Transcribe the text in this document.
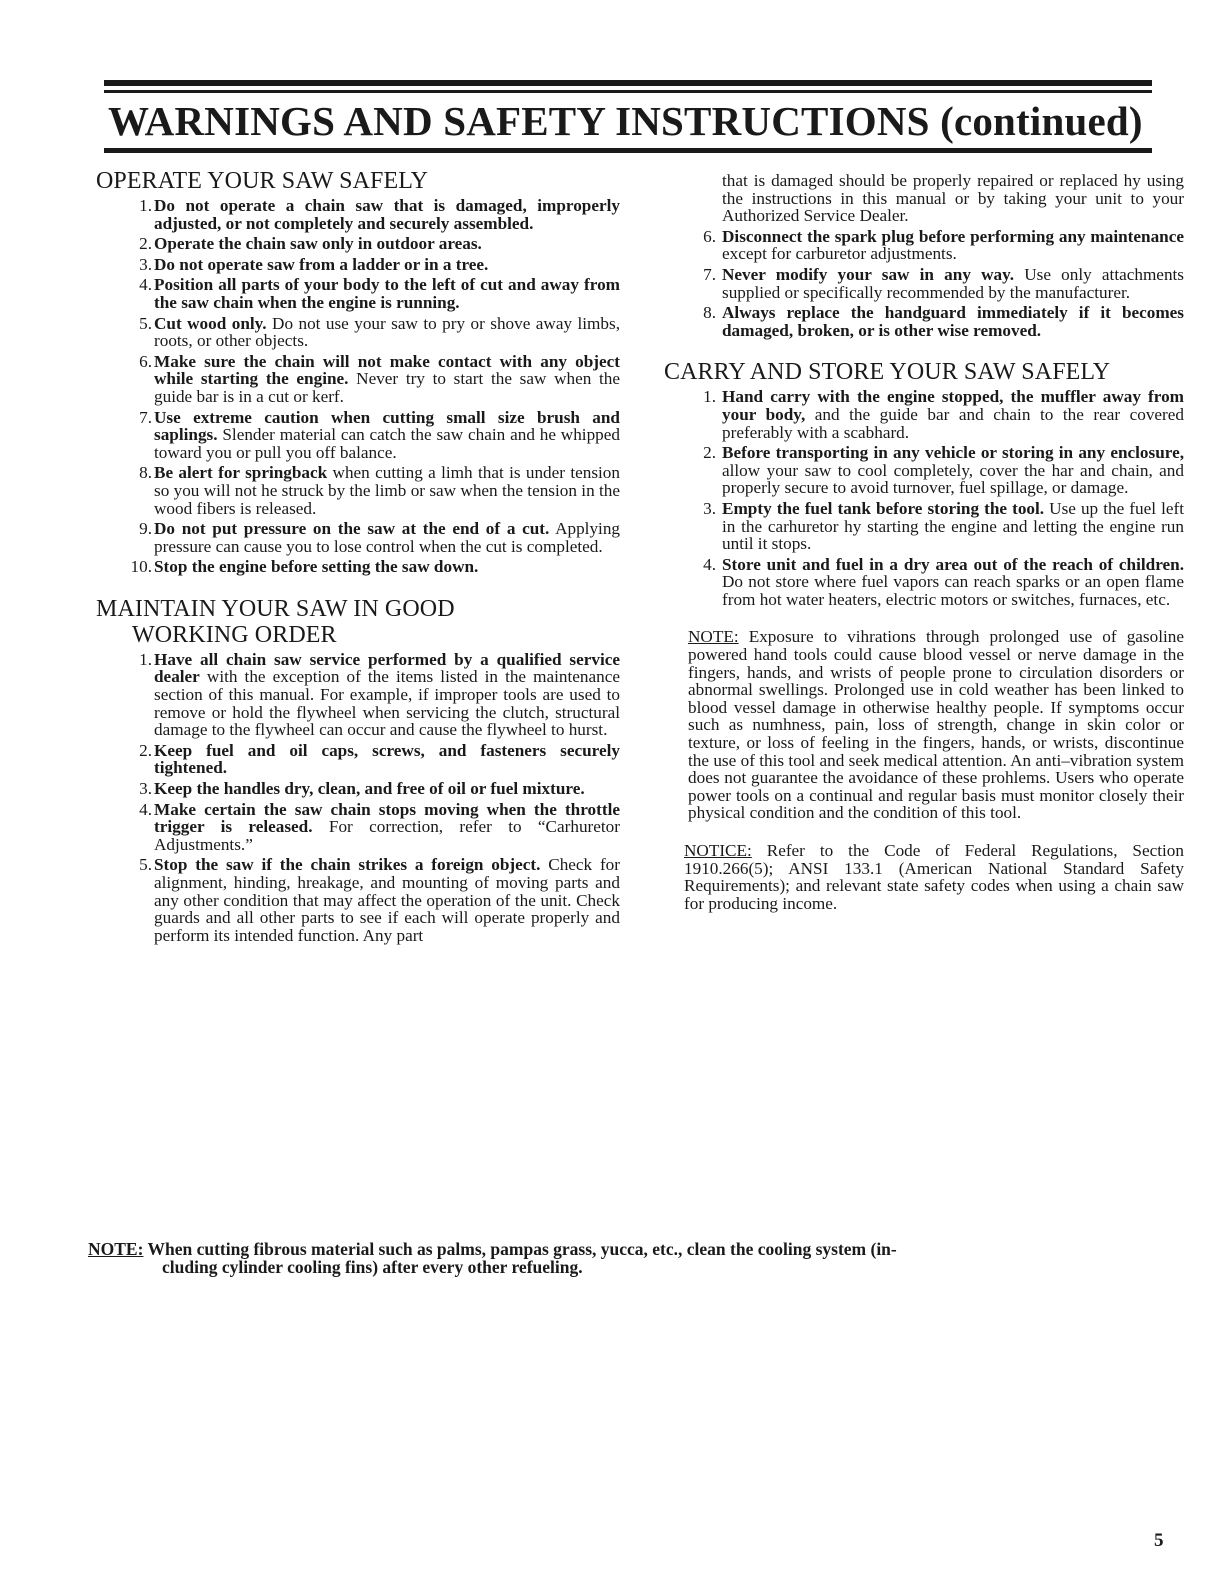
WARNINGS AND SAFETY INSTRUCTIONS (continued)
OPERATE YOUR SAW SAFELY
1. Do not operate a chain saw that is damaged, improperly adjusted, or not completely and securely assembled.
2. Operate the chain saw only in outdoor areas.
3. Do not operate saw from a ladder or in a tree.
4. Position all parts of your body to the left of cut and away from the saw chain when the engine is running.
5. Cut wood only. Do not use your saw to pry or shove away limbs, roots, or other objects.
6. Make sure the chain will not make contact with any object while starting the engine. Never try to start the saw when the guide bar is in a cut or kerf.
7. Use extreme caution when cutting small size brush and saplings. Slender material can catch the saw chain and he whipped toward you or pull you off balance.
8. Be alert for springback when cutting a limh that is under tension so you will not he struck by the limb or saw when the tension in the wood fibers is released.
9. Do not put pressure on the saw at the end of a cut. Applying pressure can cause you to lose control when the cut is completed.
10. Stop the engine before setting the saw down.
MAINTAIN YOUR SAW IN GOOD
WORKING ORDER
1. Have all chain saw service performed by a qualified service dealer with the exception of the items listed in the maintenance section of this manual. For example, if improper tools are used to remove or hold the flywheel when servicing the clutch, structural damage to the flywheel can occur and cause the flywheel to hurst.
2. Keep fuel and oil caps, screws, and fasteners securely tightened.
3. Keep the handles dry, clean, and free of oil or fuel mixture.
4. Make certain the saw chain stops moving when the throttle trigger is released. For correction, refer to “Carhuretor Adjustments.”
5. Stop the saw if the chain strikes a foreign object. Check for alignment, hinding, hreakage, and mounting of moving parts and any other condition that may affect the operation of the unit. Check guards and all other parts to see if each will operate properly and perform its intended function. Any part
that is damaged should be properly repaired or replaced hy using the instructions in this manual or by taking your unit to your Authorized Service Dealer.
6. Disconnect the spark plug before performing any maintenance except for carburetor adjustments.
7. Never modify your saw in any way. Use only attachments supplied or specifically recommended by the manufacturer.
8. Always replace the handguard immediately if it becomes damaged, broken, or is other wise removed.
CARRY AND STORE YOUR SAW SAFELY
1. Hand carry with the engine stopped, the muffler away from your body, and the guide bar and chain to the rear covered preferably with a scabhard.
2. Before transporting in any vehicle or storing in any enclosure, allow your saw to cool completely, cover the har and chain, and properly secure to avoid turnover, fuel spillage, or damage.
3. Empty the fuel tank before storing the tool. Use up the fuel left in the carhuretor hy starting the engine and letting the engine run until it stops.
4. Store unit and fuel in a dry area out of the reach of children. Do not store where fuel vapors can reach sparks or an open flame from hot water heaters, electric motors or switches, furnaces, etc.
NOTE: Exposure to vihrations through prolonged use of gasoline powered hand tools could cause blood vessel or nerve damage in the fingers, hands, and wrists of people prone to circulation disorders or abnormal swellings. Prolonged use in cold weather has been linked to blood vessel damage in otherwise healthy people. If symptoms occur such as numhness, pain, loss of strength, change in skin color or texture, or loss of feeling in the fingers, hands, or wrists, discontinue the use of this tool and seek medical attention. An anti–vibration system does not guarantee the avoidance of these prohlems. Users who operate power tools on a continual and regular basis must monitor closely their physical condition and the condition of this tool.
NOTICE: Refer to the Code of Federal Regulations, Section 1910.266(5); ANSI 133.1 (American National Standard Safety Requirements); and relevant state safety codes when using a chain saw for producing income.
NOTE: When cutting fibrous material such as palms, pampas grass, yucca, etc., clean the cooling system (in-
cluding cylinder cooling fins) after every other refueling.
5
